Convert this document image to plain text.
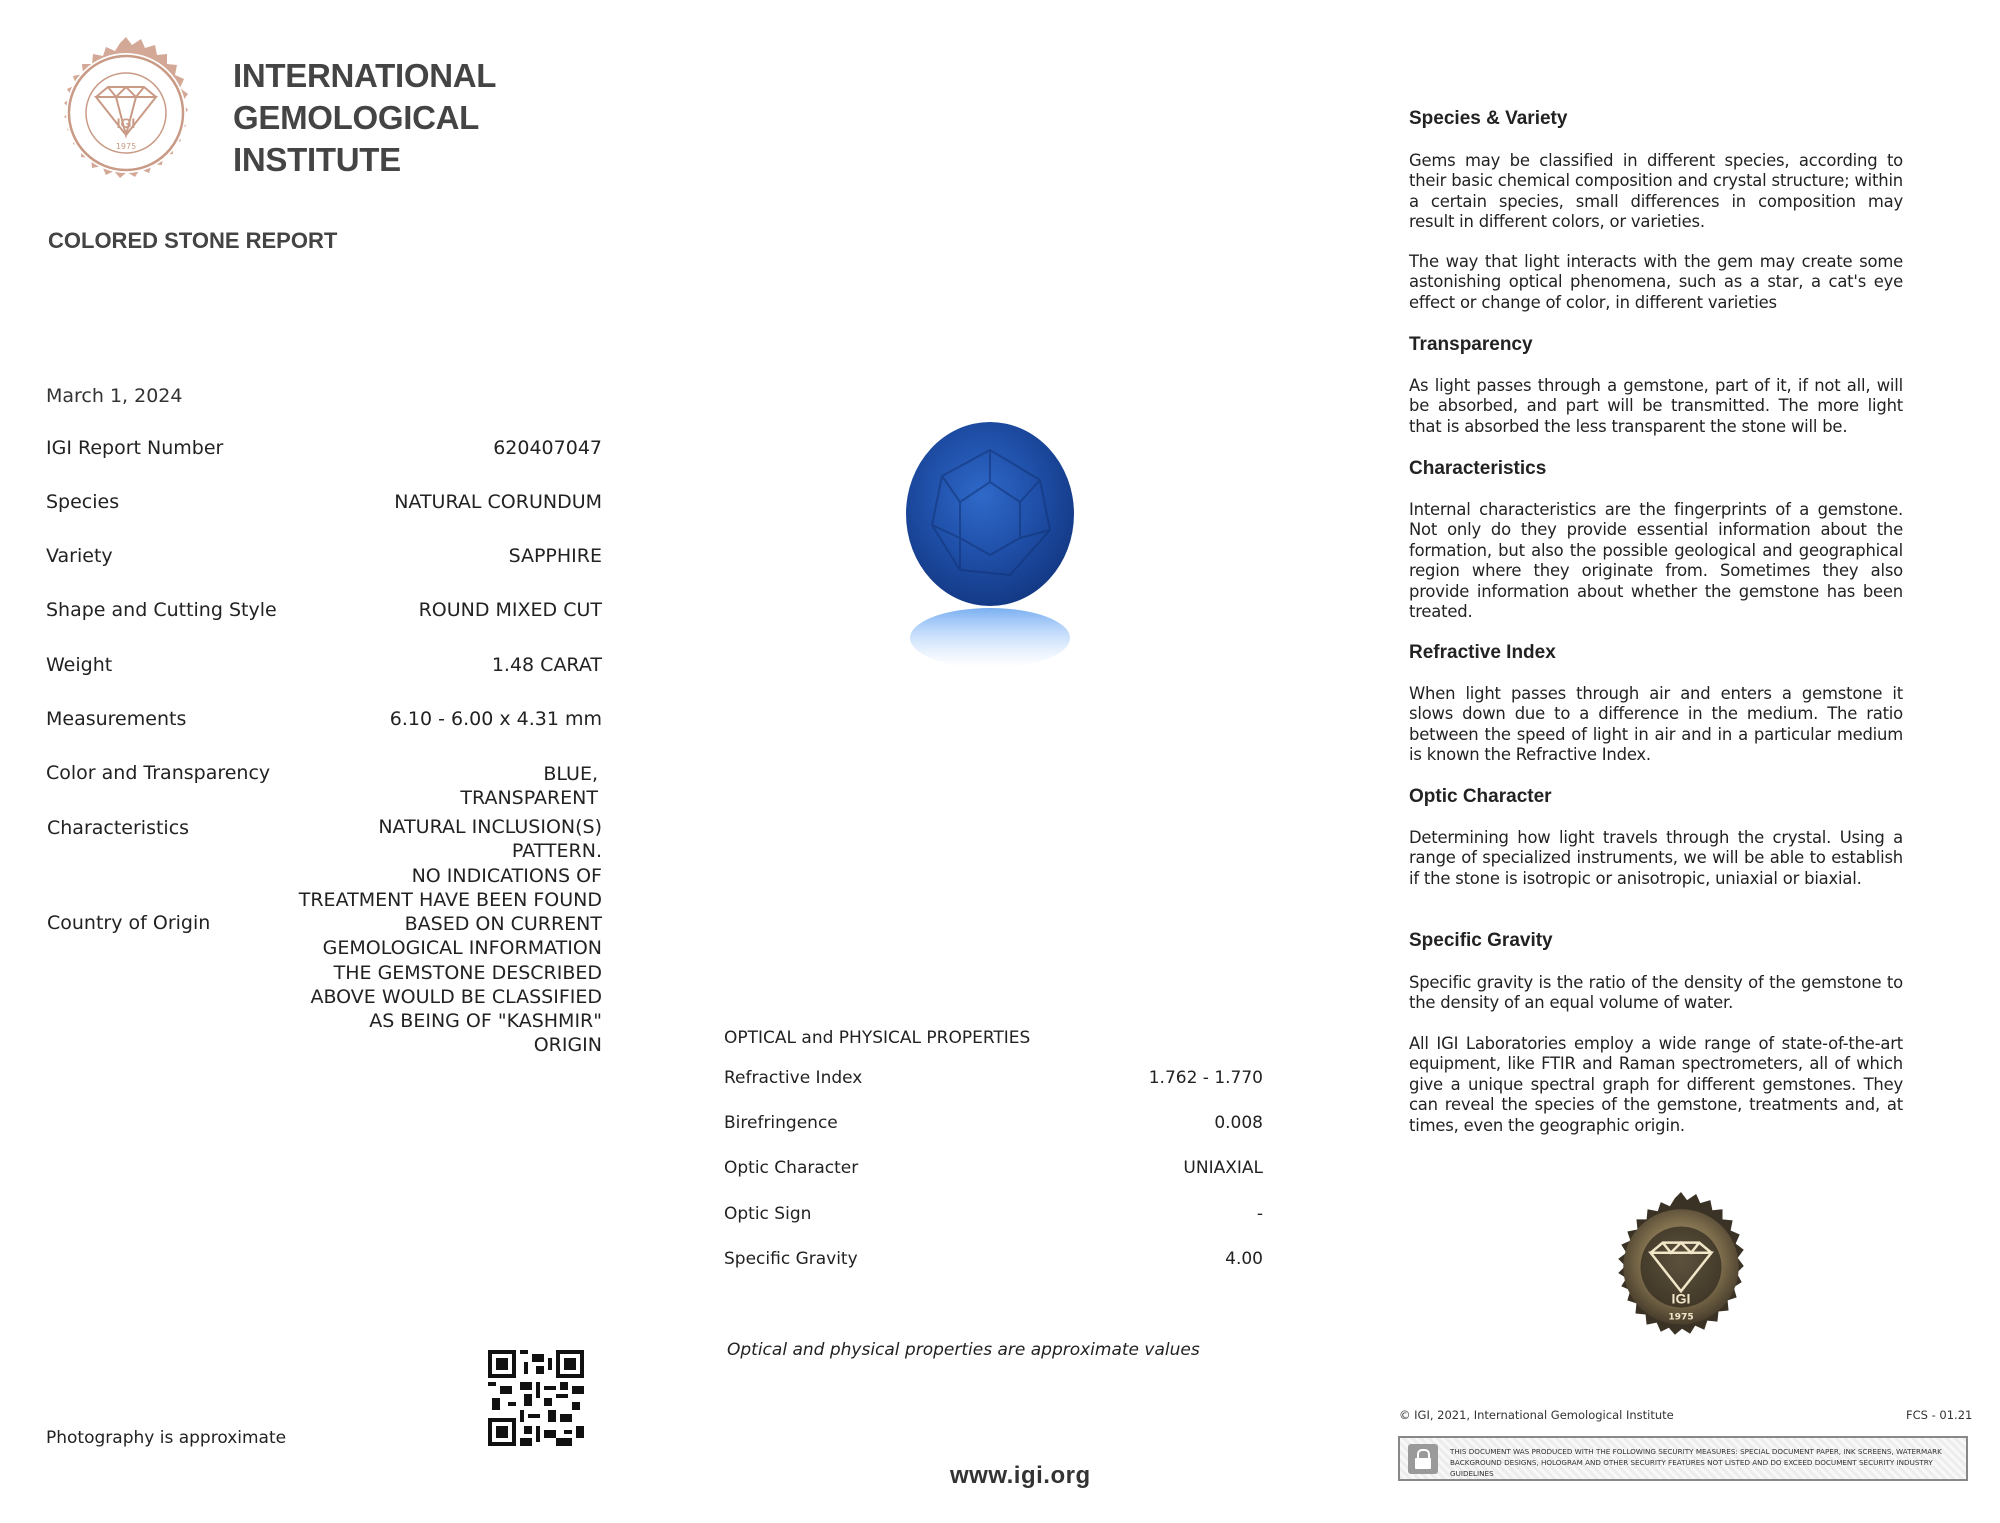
IGI
1975
INTERNATIONAL
GEMOLOGICAL
INSTITUTE
COLORED STONE REPORT
March 1, 2024
IGI Report Number	620407047
Species	NATURAL CORUNDUM
Variety	SAPPHIRE
Shape and Cutting Style	ROUND MIXED CUT
Weight	1.48 CARAT
Measurements	6.10 - 6.00 x 4.31 mm
Color and Transparency	BLUE,
TRANSPARENT
Characteristics	NATURAL INCLUSION(S)
PATTERN.
NO INDICATIONS OF
TREATMENT HAVE BEEN FOUND
Country of Origin	BASED ON CURRENT
GEMOLOGICAL INFORMATION
THE GEMSTONE DESCRIBED
ABOVE WOULD BE CLASSIFIED
AS BEING OF "KASHMIR"
ORIGIN
Photography is approximate
OPTICAL and PHYSICAL PROPERTIES
Refractive Index	1.762 - 1.770
Birefringence	0.008
Optic Character	UNIAXIAL
Optic Sign	-
Specific Gravity	4.00
Optical and physical properties are approximate values
www.igi.org
Species & Variety
Gems may be classified in different species, according to their basic chemical composition and crystal structure; within a certain species, small differences in composition may result in different colors, or varieties.
The way that light interacts with the gem may create some astonishing optical phenomena, such as a star, a cat's eye effect or change of color, in different varieties
Transparency
As light passes through a gemstone, part of it, if not all, will be absorbed, and part will be transmitted. The more light that is absorbed the less transparent the stone will be.
Characteristics
Internal characteristics are the fingerprints of a gemstone. Not only do they provide essential information about the formation, but also the possible geological and geographical region where they originate from. Sometimes they also provide information about whether the gemstone has been treated.
Refractive Index
When light passes through air and enters a gemstone it slows down due to a difference in the medium. The ratio between the speed of light in air and in a particular medium is known the Refractive Index.
Optic Character
Determining how light travels through the crystal. Using a range of specialized instruments, we will be able to establish if the stone is isotropic or anisotropic, uniaxial or biaxial.
Specific Gravity
Specific gravity is the ratio of the density of the gemstone to the density of an equal volume of water.
All IGI Laboratories employ a wide range of state-of-the-art equipment, like FTIR and Raman spectrometers, all of which give a unique spectral graph for different gemstones. They can reveal the species of the gemstone, treatments and, at times, even the geographic origin.
IGI
1975
© IGI, 2021, International Gemological Institute	FCS - 01.21
THIS DOCUMENT WAS PRODUCED WITH THE FOLLOWING SECURITY MEASURES: SPECIAL DOCUMENT PAPER, INK SCREENS, WATERMARK BACKGROUND DESIGNS, HOLOGRAM AND OTHER SECURITY FEATURES NOT LISTED AND DO EXCEED DOCUMENT SECURITY INDUSTRY GUIDELINES
